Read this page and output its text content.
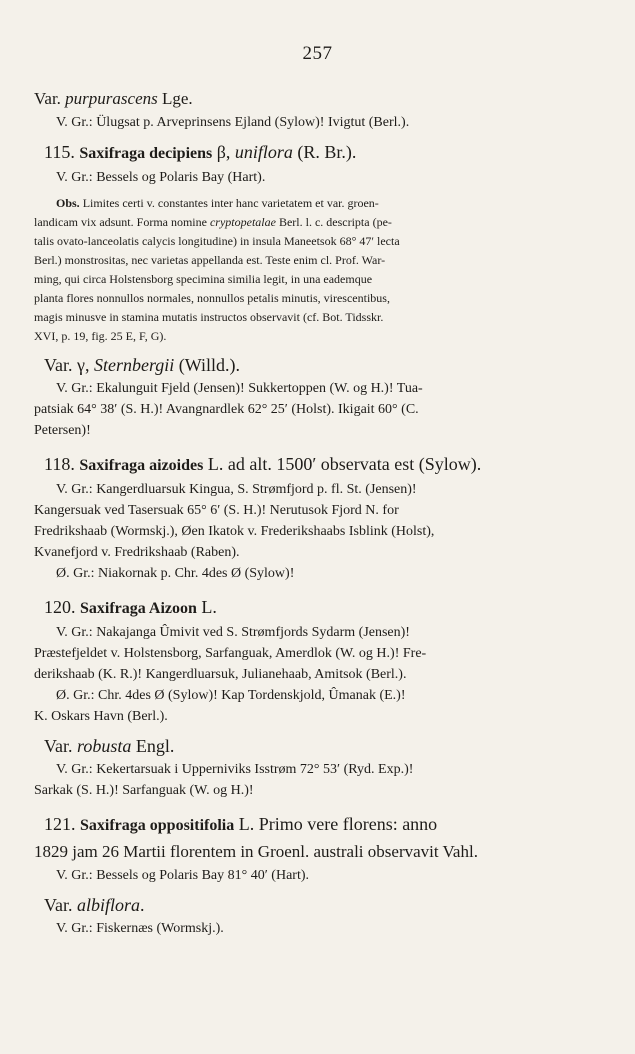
257
Var. purpurascens Lge.
V. Gr.: Ülugsat p. Arveprinsens Ejland (Sylow)! Ivigtut (Berl.).
115. Saxifraga decipiens β, uniflora (R. Br.).
V. Gr.: Bessels og Polaris Bay (Hart).
Obs. Limites certi v. constantes inter hanc varietatem et var. groen-
landicam vix adsunt. Forma nomine cryptopetalae Berl. l. c. descripta (pe-
talis ovato-lanceolatis calycis longitudine) in insula Maneetsok 68° 47′ lecta
Berl.) monstrositas, nec varietas appellanda est. Teste enim cl. Prof. War-
ming, qui circa Holstensborg specimina similia legit, in una eademque
planta flores nonnullos normales, nonnullos petalis minutis, virescentibus,
magis minusve in stamina mutatis instructos observavit (cf. Bot. Tidsskr.
XVI, p. 19, fig. 25 E, F, G).
Var. γ, Sternbergii (Willd.).
V. Gr.: Ekalunguit Fjeld (Jensen)! Sukkertoppen (W. og H.)! Tua-
patsiak 64° 38′ (S. H.)! Avangnardlek 62° 25′ (Holst). Ikigait 60° (C.
Petersen)!
118. Saxifraga aizoides L. ad alt. 1500′ observata est (Sylow).
V. Gr.: Kangerdluarsuk Kingua, S. Strømfjord p. fl. St. (Jensen)!
Kangersuak ved Tasersuak 65° 6′ (S. H.)! Nerutusok Fjord N. for
Fredrikshaab (Wormskj.), Øen Ikatok v. Frederikshaabs Isblink (Holst),
Kvanefjord v. Fredrikshaab (Raben).
Ø. Gr.: Niakornak p. Chr. 4des Ø (Sylow)!
120. Saxifraga Aizoon L.
V. Gr.: Nakajanga Ûmivit ved S. Strømfjords Sydarm (Jensen)!
Præstefjeldet v. Holstensborg, Sarfanguak, Amerdlok (W. og H.)! Fre-
derikshaab (K. R.)! Kangerdluarsuk, Julianehaab, Amitsok (Berl.).
Ø. Gr.: Chr. 4des Ø (Sylow)! Kap Tordenskjold, Ûmanak (E.)!
K. Oskars Havn (Berl.).
Var. robusta Engl.
V. Gr.: Kekertarsuak i Upperniviks Isstrøm 72° 53′ (Ryd. Exp.)!
Sarkak (S. H.)! Sarfanguak (W. og H.)!
121. Saxifraga oppositifolia L. Primo vere florens: anno
1829 jam 26 Martii florentem in Groenl. australi observavit Vahl.
V. Gr.: Bessels og Polaris Bay 81° 40′ (Hart).
Var. albiflora.
V. Gr.: Fiskernæs (Wormskj.).
